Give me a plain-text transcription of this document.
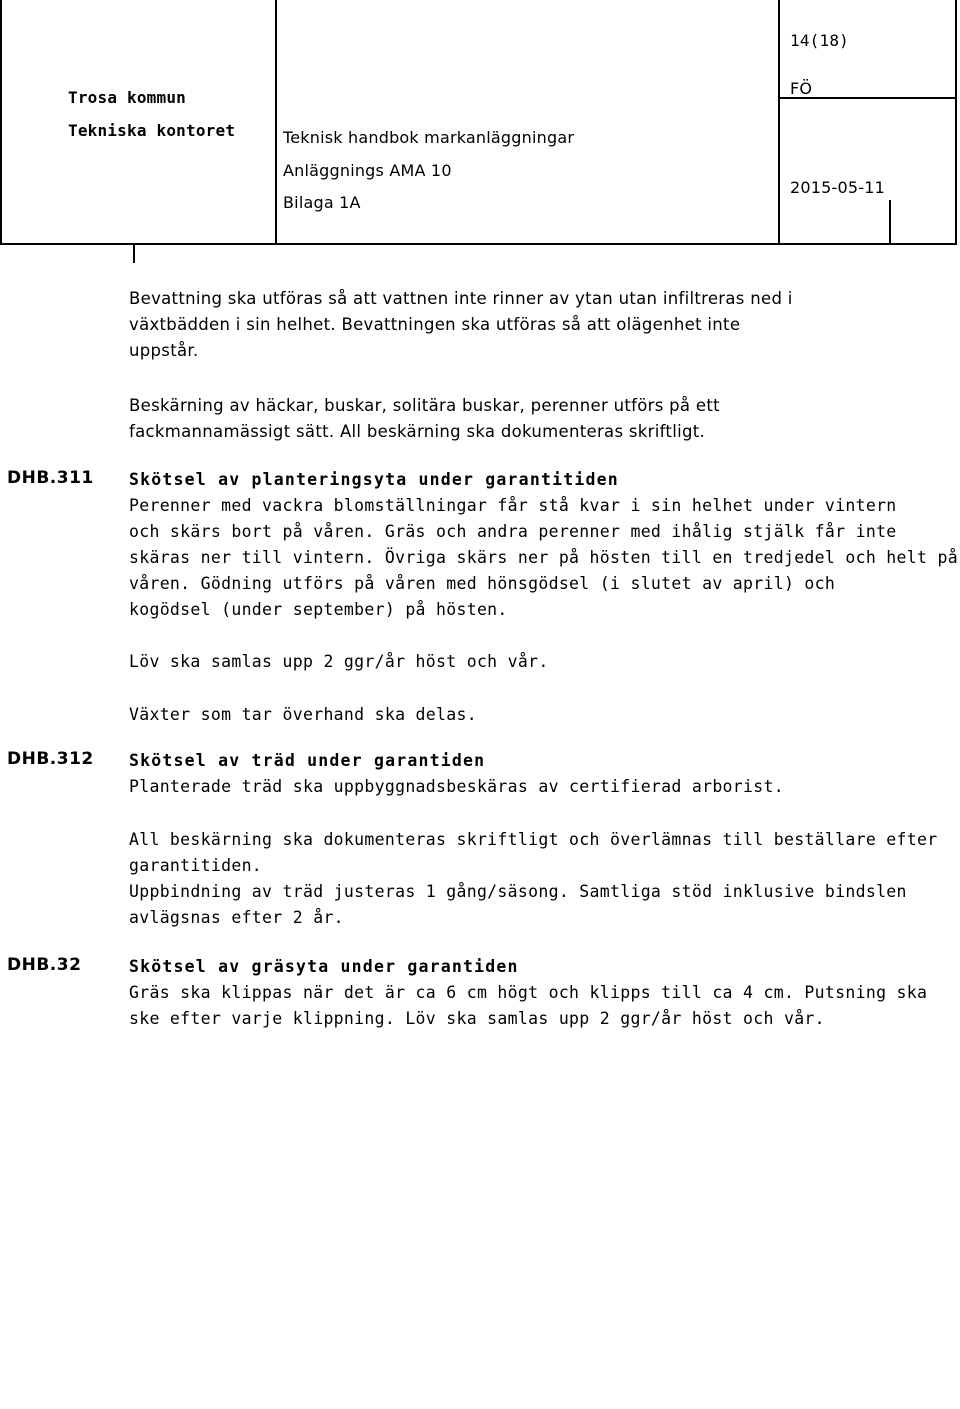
14(18)
Trosa kommun
Tekniska kontoret	Teknisk handbok markanläggningar
Anläggnings AMA 10
Bilaga 1A
FÖ
2015-05-11
Bevattning ska utföras så att vattnen inte rinner av ytan utan infiltreras ned i
växtbädden i sin helhet. Bevattningen ska utföras så att olägenhet inte
uppstår.
Beskärning av häckar, buskar, solitära buskar, perenner utförs på ett
fackmannamässigt sätt. All beskärning ska dokumenteras skriftligt.
DHB.311 Skötsel av planteringsyta under garantitiden
Perenner med vackra blomställningar får stå kvar i sin helhet under vintern
och skärs bort på våren. Gräs och andra perenner med ihålig stjälk får inte
skäras ner till vintern. Övriga skärs ner på hösten till en tredjedel och helt på
våren. Gödning utförs på våren med hönsgödsel (i slutet av april) och
kogödsel (under september) på hösten.
Löv ska samlas upp 2 ggr/år höst och vår.
Växter som tar överhand ska delas.
DHB.312 Skötsel av träd under garantiden
Planterade träd ska uppbyggnadsbeskäras av certifierad arborist.
All beskärning ska dokumenteras skriftligt och överlämnas till beställare efter
garantitiden.
Uppbindning av träd justeras 1 gång/säsong. Samtliga stöd inklusive bindslen
avlägsnas efter 2 år.
DHB.32	Skötsel av gräsyta under garantiden
Gräs ska klippas när det är ca 6 cm högt och klipps till ca 4 cm. Putsning ska
ske efter varje klippning. Löv ska samlas upp 2 ggr/år höst och vår.
